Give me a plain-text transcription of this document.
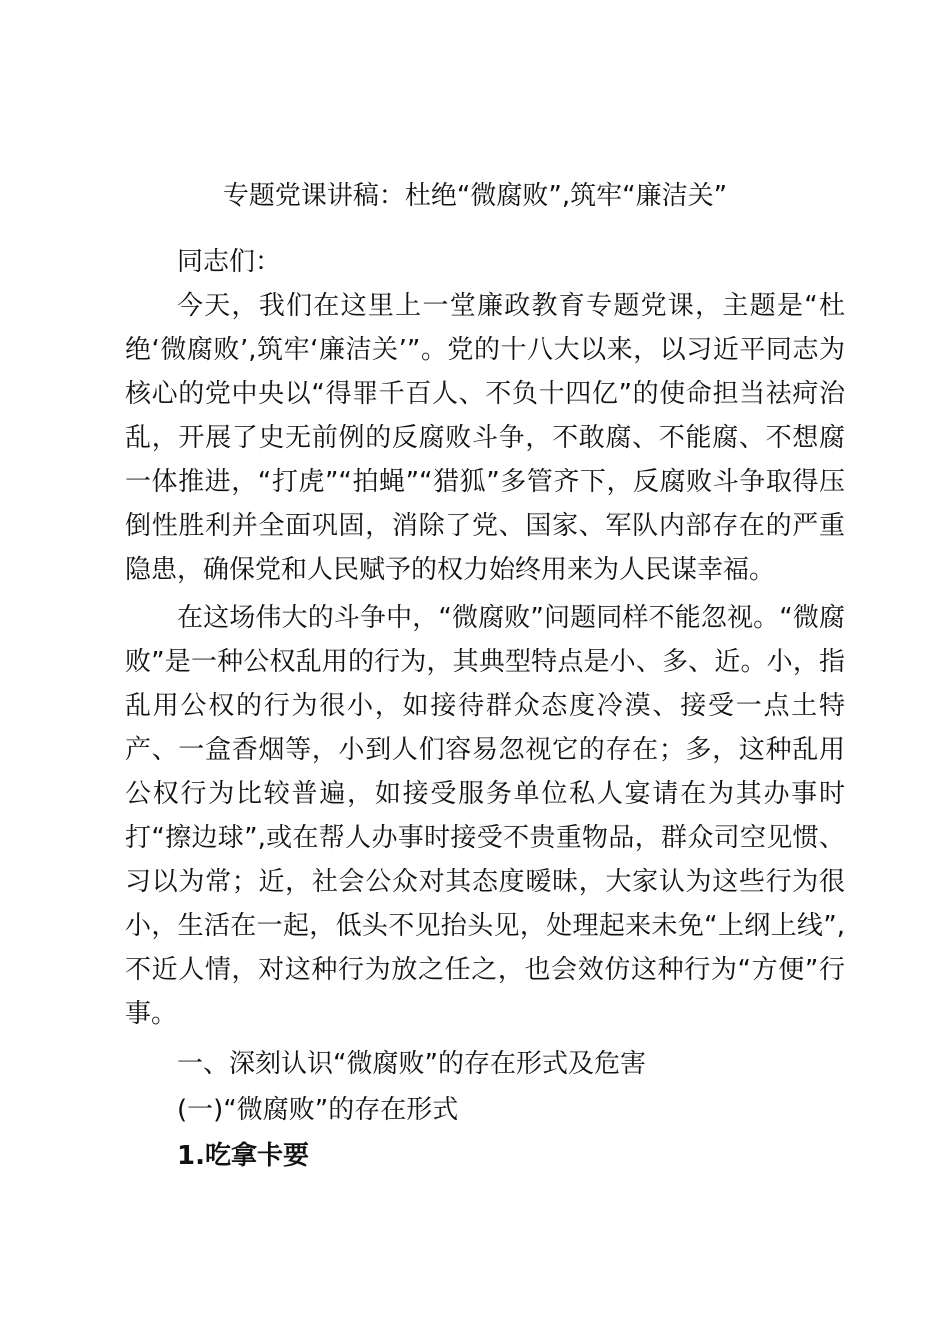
专题党课讲稿：杜绝“微腐败”,筑牢“廉洁关”
同志们：
今天，我们在这里上一堂廉政教育专题党课，主题是“杜
绝‘微腐败’,筑牢‘廉洁关’”。党的十八大以来，以习近平同志为
核心的党中央以“得罪千百人、不负十四亿”的使命担当祛疴治
乱，开展了史无前例的反腐败斗争，不敢腐、不能腐、不想腐
一体推进，“打虎”“拍蝇”“猎狐”多管齐下，反腐败斗争取得压
倒性胜利并全面巩固，消除了党、国家、军队内部存在的严重
隐患，确保党和人民赋予的权力始终用来为人民谋幸福。
在这场伟大的斗争中，“微腐败”问题同样不能忽视。“微腐
败”是一种公权乱用的行为，其典型特点是小、多、近。小，指
乱用公权的行为很小，如接待群众态度冷漠、接受一点土特
产、一盒香烟等，小到人们容易忽视它的存在；多，这种乱用
公权行为比较普遍，如接受服务单位私人宴请在为其办事时
打“擦边球”,或在帮人办事时接受不贵重物品，群众司空见惯、
习以为常；近，社会公众对其态度暧昧，大家认为这些行为很
小，生活在一起，低头不见抬头见，处理起来未免“上纲上线”,
不近人情，对这种行为放之任之，也会效仿这种行为“方便”行
事。
一、深刻认识“微腐败”的存在形式及危害
(一)“微腐败”的存在形式
1.吃拿卡要
